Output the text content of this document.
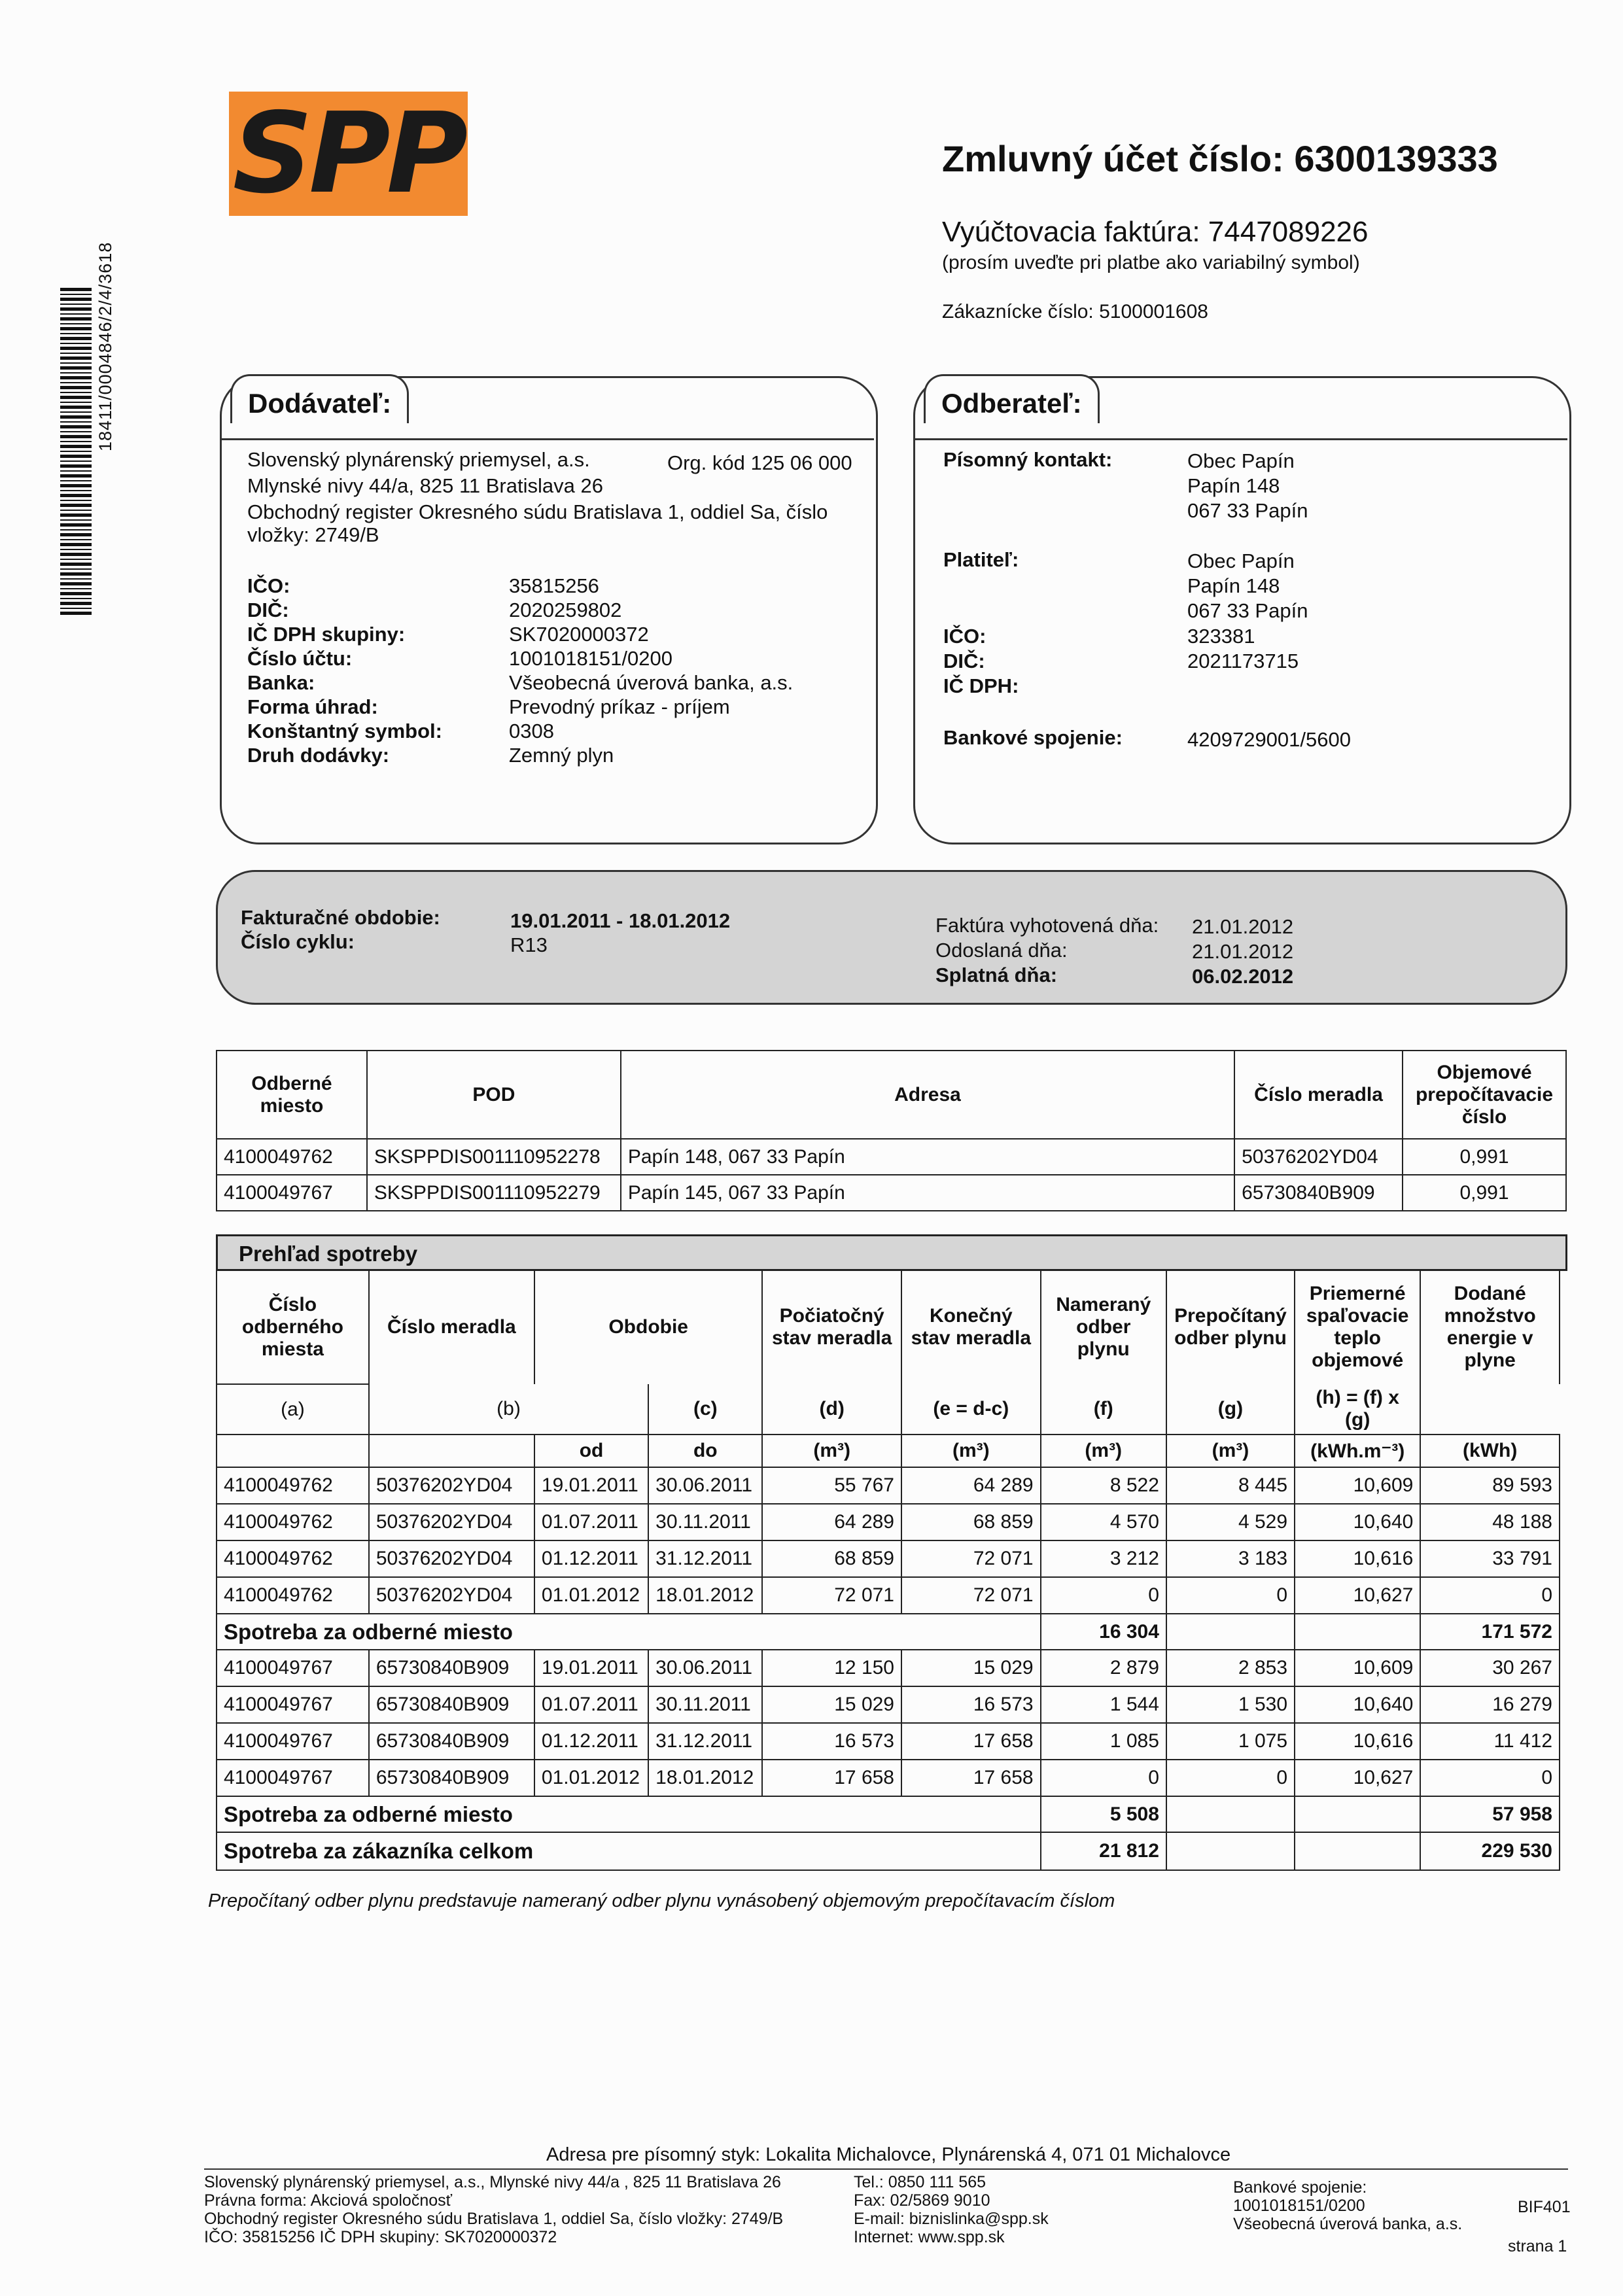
SPP
18411/0004846/2/4/3618
Zmluvný účet číslo: 6300139333
Vyúčtovacia faktúra: 7447089226
(prosím uveďte pri platbe ako variabilný symbol)
Zákaznícke číslo: 5100001608
Dodávateľ:
Slovenský plynárenský priemysel, a.s.	Org. kód 125 06 000
Mlynské nivy 44/a, 825 11 Bratislava 26
Obchodný register Okresného súdu Bratislava 1, oddiel Sa, číslo
vložky: 2749/B
IČO:	35815256
DIČ:	2020259802
IČ DPH skupiny:	SK7020000372
Číslo účtu:	1001018151/0200
Banka:	Všeobecná úverová banka, a.s.
Forma úhrad:	Prevodný príkaz - príjem
Konštantný symbol:	0308
Druh dodávky:	Zemný plyn
Odberateľ:
Písomný kontakt:	Obec Papín
Papín 148
067 33 Papín
Platiteľ:	Obec Papín
Papín 148
067 33 Papín
IČO:	323381
DIČ:	2021173715
IČ DPH:
Bankové spojenie:	4209729001/5600
Fakturačné obdobie:	19.01.2011 - 18.01.2012
Číslo cyklu:	R13
Faktúra vyhotovená dňa: 21.01.2012
Odoslaná dňa:	21.01.2012
Splatná dňa:	06.02.2012
Odberné miesto	POD	Adresa	Číslo meradla	Objemové prepočítavacie číslo
4100049762	SKSPPDIS001110952278	Papín 148, 067 33 Papín	50376202YD04	0,991
4100049767	SKSPPDIS001110952279	Papín 145, 067 33 Papín	65730840B909	0,991
Prehľad spotreby
Číslo odberného miesta	Číslo meradla	Obdobie		Počiatočný stav meradla	Konečný stav meradla	Nameraný odber plynu	Prepočítaný odber plynu	Priemerné spaľovacie teplo objemové	Dodané množstvo energie v plyne

(a)	(b)		(c)	(d)	(e = d-c)	(f)	(g)	(h) = (f) x (g)	
		od	do	(m³)	(m³)	(m³)	(m³)	(kWh.m⁻³)	(kWh)
4100049762	50376202YD04	19.01.2011	30.06.2011	55 767	64 289	8 522	8 445	10,609	89 593
4100049762	50376202YD04	01.07.2011	30.11.2011	64 289	68 859	4 570	4 529	10,640	48 188
4100049762	50376202YD04	01.12.2011	31.12.2011	68 859	72 071	3 212	3 183	10,616	33 791
4100049762	50376202YD04	01.01.2012	18.01.2012	72 071	72 071	0	0	10,627	0
Spotreba za odberné miesto						16 304			171 572
4100049767	65730840B909	19.01.2011	30.06.2011	12 150	15 029	2 879	2 853	10,609	30 267
4100049767	65730840B909	01.07.2011	30.11.2011	15 029	16 573	1 544	1 530	10,640	16 279
4100049767	65730840B909	01.12.2011	31.12.2011	16 573	17 658	1 085	1 075	10,616	11 412
4100049767	65730840B909	01.01.2012	18.01.2012	17 658	17 658	0	0	10,627	0
Spotreba za odberné miesto						5 508			57 958
Spotreba za zákazníka celkom						21 812			229 530
Prepočítaný odber plynu predstavuje nameraný odber plynu vynásobený objemovým prepočítavacím číslom
Adresa pre písomný styk: Lokalita Michalovce, Plynárenská 4, 071 01 Michalovce
Slovenský plynárenský priemysel, a.s., Mlynské nivy 44/a , 825 11 Bratislava 26
Právna forma: Akciová spoločnosť
Obchodný register Okresného súdu Bratislava 1, oddiel Sa, číslo vložky: 2749/B
IČO: 35815256 IČ DPH skupiny: SK7020000372
Tel.: 0850 111 565
Fax: 02/5869 9010
E-mail: biznislinka@spp.sk
Internet: www.spp.sk
Bankové spojenie:
1001018151/0200
Všeobecná úverová banka, a.s.
BIF401
strana 1
